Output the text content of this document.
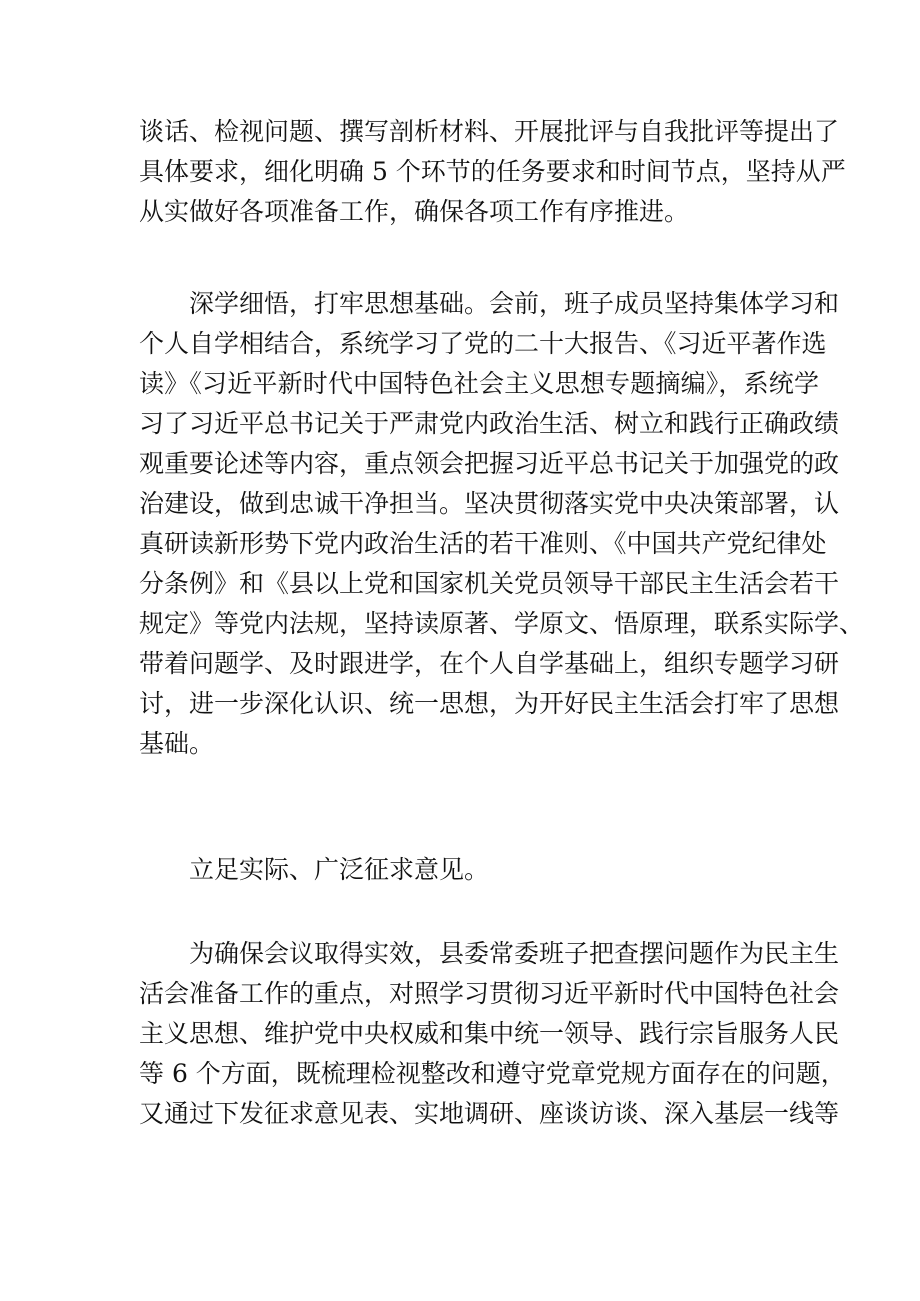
谈话、检视问题、撰写剖析材料、开展批评与自我批评等提出了
具体要求，细化明确 5 个环节的任务要求和时间节点，坚持从严
从实做好各项准备工作，确保各项工作有序推进。
深学细悟，打牢思想基础。会前，班子成员坚持集体学习和
个人自学相结合，系统学习了党的二十大报告、《习近平著作选
读》《习近平新时代中国特色社会主义思想专题摘编》，系统学
习了习近平总书记关于严肃党内政治生活、树立和践行正确政绩
观重要论述等内容，重点领会把握习近平总书记关于加强党的政
治建设，做到忠诚干净担当。坚决贯彻落实党中央决策部署，认
真研读新形势下党内政治生活的若干准则、《中国共产党纪律处
分条例》和《县以上党和国家机关党员领导干部民主生活会若干
规定》等党内法规，坚持读原著、学原文、悟原理，联系实际学、
带着问题学、及时跟进学，在个人自学基础上，组织专题学习研
讨，进一步深化认识、统一思想，为开好民主生活会打牢了思想
基础。
立足实际、广泛征求意见。
为确保会议取得实效，县委常委班子把查摆问题作为民主生
活会准备工作的重点，对照学习贯彻习近平新时代中国特色社会
主义思想、维护党中央权威和集中统一领导、践行宗旨服务人民
等 6 个方面，既梳理检视整改和遵守党章党规方面存在的问题，
又通过下发征求意见表、实地调研、座谈访谈、深入基层一线等
